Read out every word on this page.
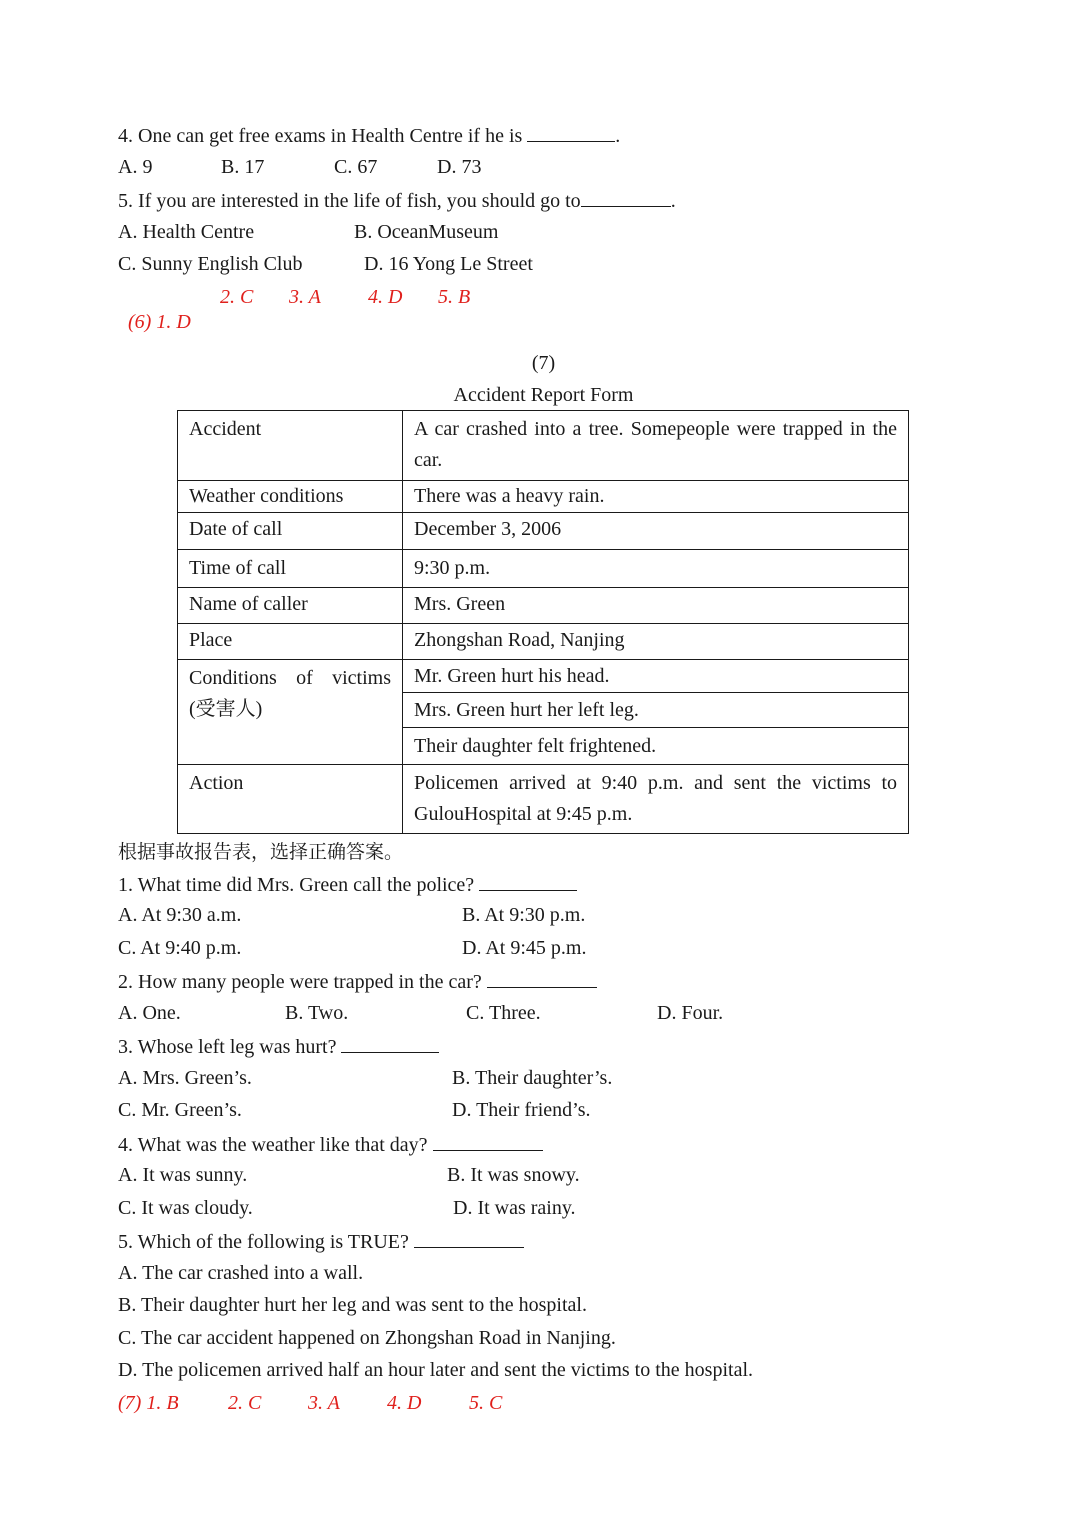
4. One can get free exams in Health Centre if he is	.
A. 9	B. 17	C. 67	D. 73
5. If you are interested in the life of fish, you should go to	.
A. Health Centre	B. OceanMuseum
C. Sunny English Club	D. 16 Yong Le Street

(6) 1. D

2. C 3. A 4. D 5. B
(7)
Accident Report Form
Accident	A car crashed into a tree. Somepeople were trapped in the car.
Weather conditions	There was a heavy rain.
Date of call	December 3, 2006
Time of call	9:30 p.m.
Name of caller	Mrs. Green
Place	Zhongshan Road, Nanjing
Conditions of victims (受害人)	Mr. Green hurt his head.
	Mrs. Green hurt her left leg.
	Their daughter felt frightened.
Action	Policemen arrived at 9:40 p.m. and sent the victims to GulouHospital at 9:45 p.m.
根据事故报告表，选择正确答案。
1. What time did Mrs. Green call the police?
A. At 9:30 a.m.	B. At 9:30 p.m.
C. At 9:40 p.m.	D. At 9:45 p.m.
2. How many people were trapped in the car?
A. One.	B. Two.	C. Three.	D. Four.
3. Whose left leg was hurt?
A. Mrs. Green’s.	B. Their daughter’s.
C. Mr. Green’s.	D. Their friend’s.
4. What was the weather like that day?
A. It was sunny.	B. It was snowy.
C. It was cloudy.	D. It was rainy.
5. Which of the following is TRUE?
A. The car crashed into a wall.
B. Their daughter hurt her leg and was sent to the hospital.
C. The car accident happened on Zhongshan Road in Nanjing.
D. The policemen arrived half an hour later and sent the victims to the hospital.
(7) 1. B 2. C 3. A 4. D 5. C
